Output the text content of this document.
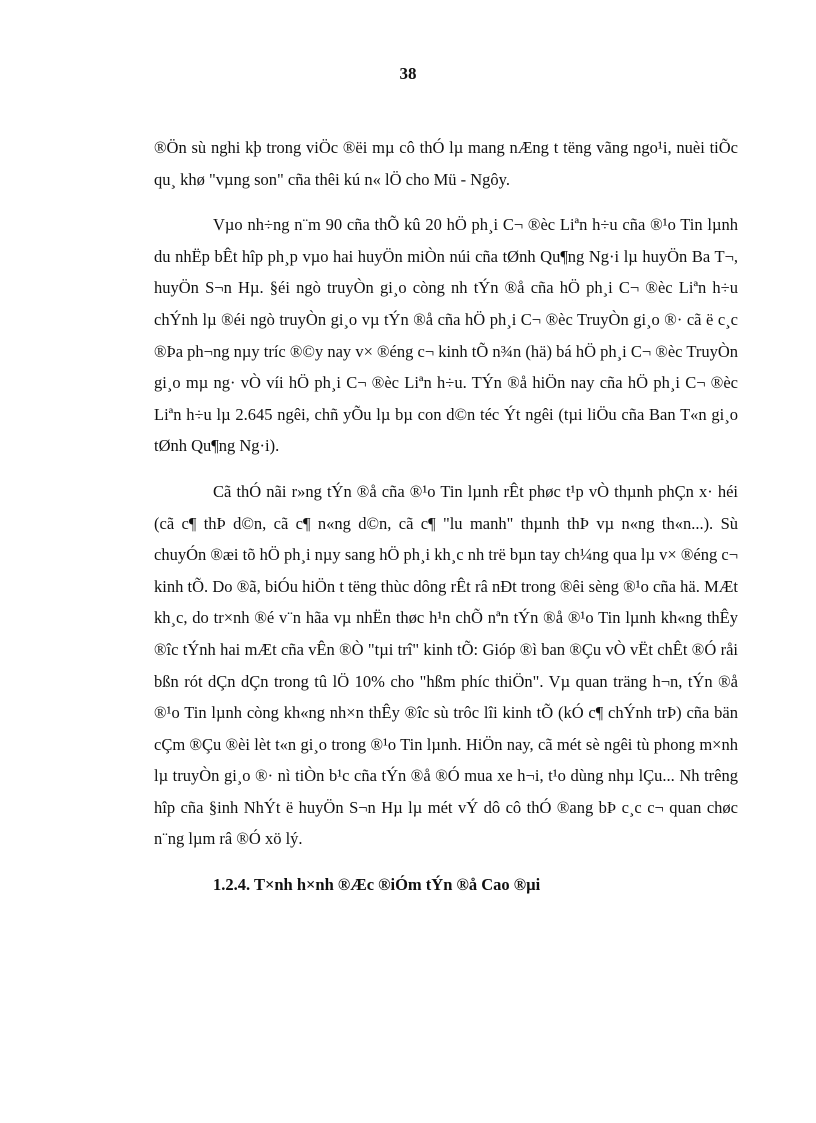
38

®Ön sù nghi kþ trong viÖc ®ëi mµ cô thÓ lµ mang nÆng t tëng vãng ngo¹i, nuèi tiÕc qu¸ khø "vµng son" cña thêi kú n« lÖ cho Mü - Ngôy.

Vµo nh÷ng n¨m 90 cña thÕ kû 20 hÖ ph¸i C¬ ®èc Liªn h÷u cña ®¹o Tin lµnh du nhËp bÊt hîp ph¸p vµo hai huyÖn miÒn núi cña tØnh Qu¶ng Ng·i lµ huyÖn Ba T¬, huyÖn S¬n Hµ. §éi ngò truyÒn gi¸o còng nh tÝn ®å cña hÖ ph¸i C¬ ®èc Liªn h÷u chÝnh lµ ®éi ngò truyÒn gi¸o vµ tÝn ®å cña hÖ ph¸i C¬ ®èc TruyÒn gi¸o ®· cã ë c¸c ®Þa ph¬ng nµy tríc ®©y nay v× ®éng c¬ kinh tÕ n¾n (hä) bá hÖ ph¸i C¬ ®èc TruyÒn gi¸o mµ ng· vÒ víi hÖ ph¸i C¬ ®èc Liªn h÷u. TÝn ®å hiÖn nay cña hÖ ph¸i C¬ ®èc Liªn h÷u lµ 2.645 ngêi, chñ yÕu lµ bµ con d©n téc Ýt ngêi (tµi liÖu cña Ban T«n gi¸o tØnh Qu¶ng Ng·i).

Cã thÓ nãi r»ng tÝn ®å cña ®¹o Tin lµnh rÊt phøc t¹p vÒ thµnh phÇn x· héi (cã c¶ thÞ d©n, cã c¶ n«ng d©n, cã c¶ "lu manh" thµnh thÞ vµ n«ng th«n...). Sù chuyÓn ®æi tõ hÖ ph¸i nµy sang hÖ ph¸i kh¸c nh trë bµn tay ch¼ng qua lµ v× ®éng c¬ kinh tÕ. Do ®ã, biÓu hiÖn t tëng thùc dông rÊt râ nÐt trong ®êi sèng ®¹o cña hä. MÆt kh¸c, do tr×nh ®é v¨n hãa vµ nhËn thøc h¹n chÕ nªn tÝn ®å ®¹o Tin lµnh kh«ng thÊy ®îc tÝnh hai mÆt cña vÊn ®Ò "tµi trî" kinh tÕ: Gióp ®ì ban ®Çu vÒ vËt chÊt ®Ó råi bßn rót dÇn dÇn trong tû lÖ 10% cho "hßm phíc thiÖn". Vµ quan träng h¬n, tÝn ®å ®¹o Tin lµnh còng kh«ng nh×n thÊy ®îc sù trôc lîi kinh tÕ (kÓ c¶ chÝnh trÞ) cña bän cÇm ®Çu ®èi lèt t«n gi¸o trong ®¹o Tin lµnh. HiÖn nay, cã mét sè ngêi tù phong m×nh lµ truyÒn gi¸o ®· nì tiÒn b¹c cña tÝn ®å ®Ó mua xe h¬i, t¹o dùng nhµ lÇu... Nh trêng hîp cña §inh NhÝt ë huyÖn S¬n Hµ lµ mét vÝ dô cô thÓ ®ang bÞ c¸c c¬ quan chøc n¨ng lµm râ ®Ó xö lý.

1.2.4. T×nh h×nh ®Æc ®iÓm tÝn ®å Cao ®µi
